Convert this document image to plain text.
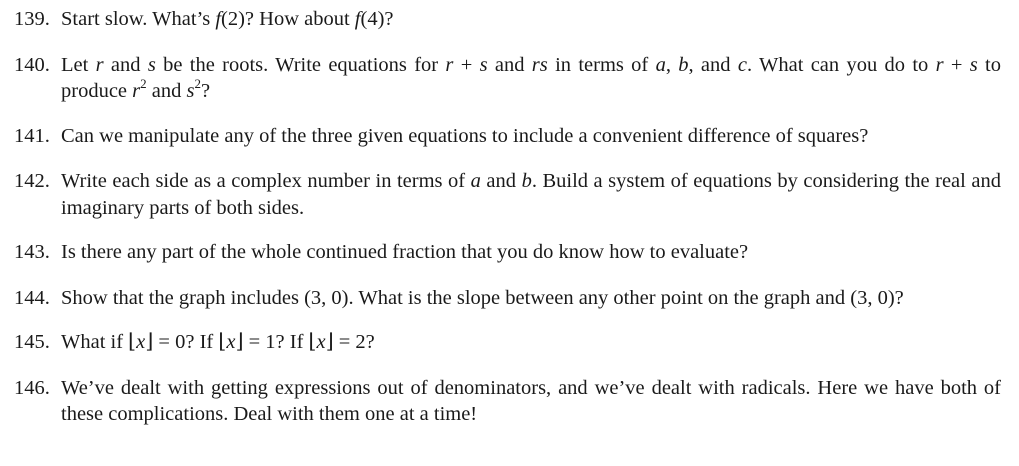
139. Start slow. What’s f(2)? How about f(4)?
140. Let r and s be the roots. Write equations for r + s and rs in terms of a, b, and c. What can you do to r + s to produce $r^2$ and $s^2$?
141. Can we manipulate any of the three given equations to include a convenient difference of squares?
142. Write each side as a complex number in terms of a and b. Build a system of equations by considering the real and imaginary parts of both sides.
143. Is there any part of the whole continued fraction that you do know how to evaluate?
144. Show that the graph includes (3, 0). What is the slope between any other point on the graph and (3, 0)?
145. What if ⌊x⌋ = 0? If ⌊x⌋ = 1? If ⌊x⌋ = 2?
146. We’ve dealt with getting expressions out of denominators, and we’ve dealt with radicals. Here we have both of these complications. Deal with them one at a time!
